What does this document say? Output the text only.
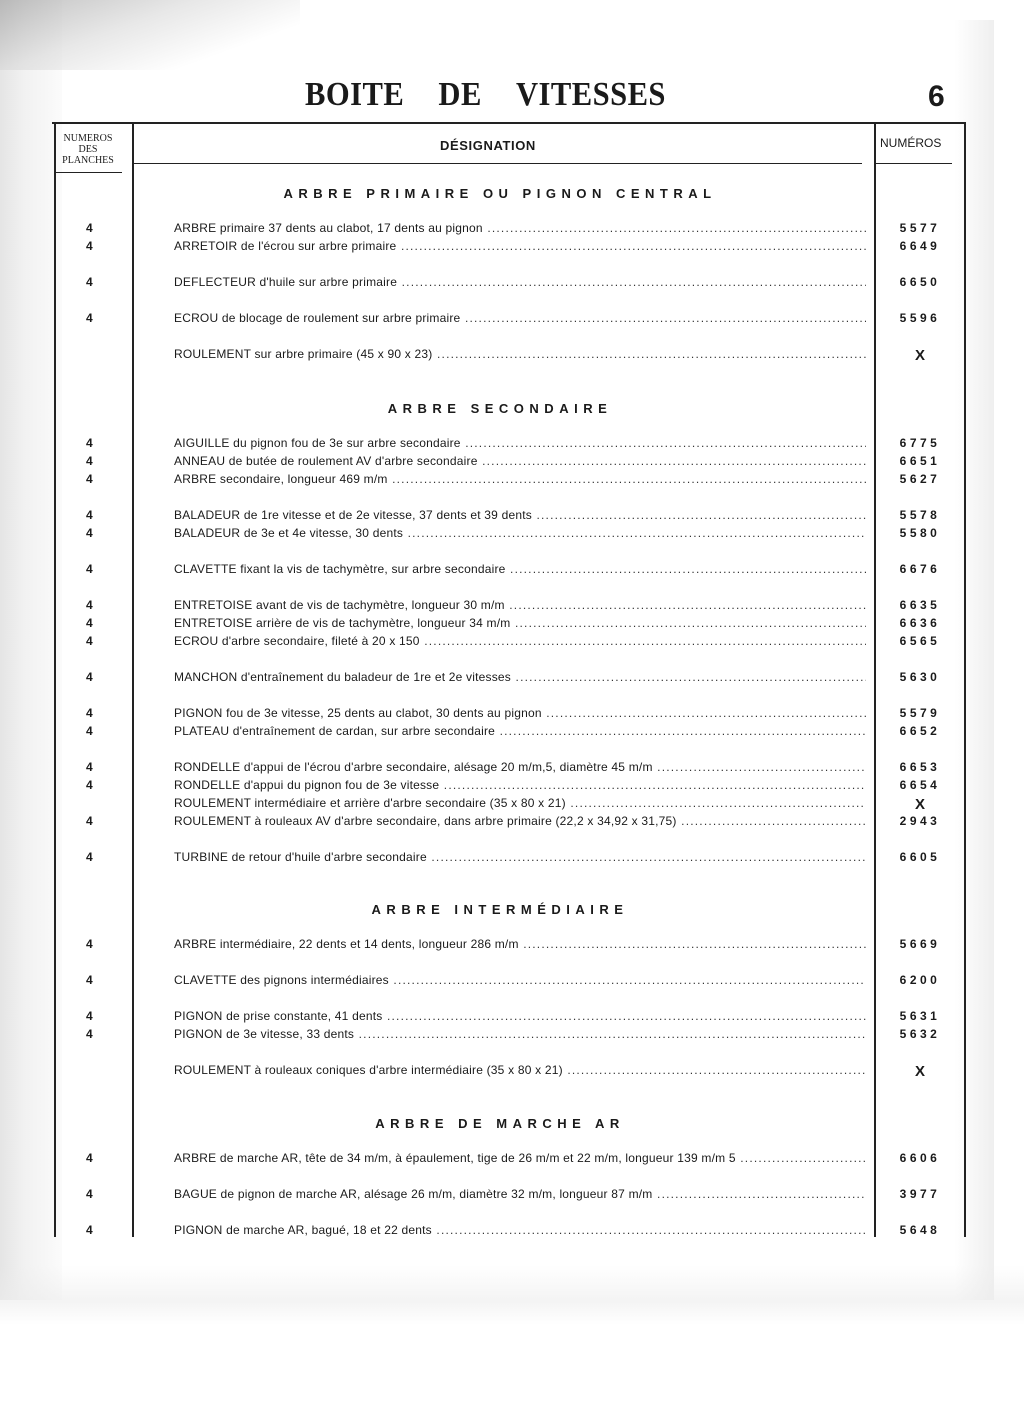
BOITE DE VITESSES	6
NUMEROS
DES
PLANCHES
DÉSIGNATION	NUMÉROS
ARBRE PRIMAIRE OU PIGNON CENTRAL
4	ARBRE primaire 37 dents au clabot, 17 dents au pignon .....	5577
4	ARRETOIR de l'écrou sur arbre primaire .....	6649
4	DEFLECTEUR d'huile sur arbre primaire .....	6650
4	ECROU de blocage de roulement sur arbre primaire .....	5596
ROULEMENT sur arbre primaire (45 x 90 x 23) .....	X
ARBRE SECONDAIRE
4	AIGUILLE du pignon fou de 3e sur arbre secondaire .....	6775
4	ANNEAU de butée de roulement AV d'arbre secondaire .....	6651
4	ARBRE secondaire, longueur 469 m/m .....	5627
4	BALADEUR de 1re vitesse et de 2e vitesse, 37 dents et 39 dents .....	5578
4	BALADEUR de 3e et 4e vitesse, 30 dents .....	5580
4	CLAVETTE fixant la vis de tachymètre, sur arbre secondaire .....	6676
4	ENTRETOISE avant de vis de tachymètre, longueur 30 m/m .....	6635
4	ENTRETOISE arrière de vis de tachymètre, longueur 34 m/m .....	6636
4	ECROU d'arbre secondaire, fileté à 20 x 150 .....	6565
4	MANCHON d'entraînement du baladeur de 1re et 2e vitesses .....	5630
4	PIGNON fou de 3e vitesse, 25 dents au clabot, 30 dents au pignon .....	5579
4	PLATEAU d'entraînement de cardan, sur arbre secondaire .....	6652
4	RONDELLE d'appui de l'écrou d'arbre secondaire, alésage 20 m/m,5, diamètre 45 m/m .....	6653
4	RONDELLE d'appui du pignon fou de 3e vitesse .....	6654
ROULEMENT intermédiaire et arrière d'arbre secondaire (35 x 80 x 21) .....	X
4	ROULEMENT à rouleaux AV d'arbre secondaire, dans arbre primaire (22,2 x 34,92 x 31,75) .....	2943
4	TURBINE de retour d'huile d'arbre secondaire .....	6605
ARBRE INTERMÉDIAIRE
4	ARBRE intermédiaire, 22 dents et 14 dents, longueur 286 m/m .....	5669
4	CLAVETTE des pignons intermédiaires .....	6200
4	PIGNON de prise constante, 41 dents .....	5631
4	PIGNON de 3e vitesse, 33 dents .....	5632
ROULEMENT à rouleaux coniques d'arbre intermédiaire (35 x 80 x 21) .....	X
ARBRE DE MARCHE AR
4	ARBRE de marche AR, tête de 34 m/m, à épaulement, tige de 26 m/m et 22 m/m, longueur 139 m/m 5 .....	6606
4	BAGUE de pignon de marche AR, alésage 26 m/m, diamètre 32 m/m, longueur 87 m/m .....	3977
4	PIGNON de marche AR, bagué, 18 et 22 dents .....	5648
